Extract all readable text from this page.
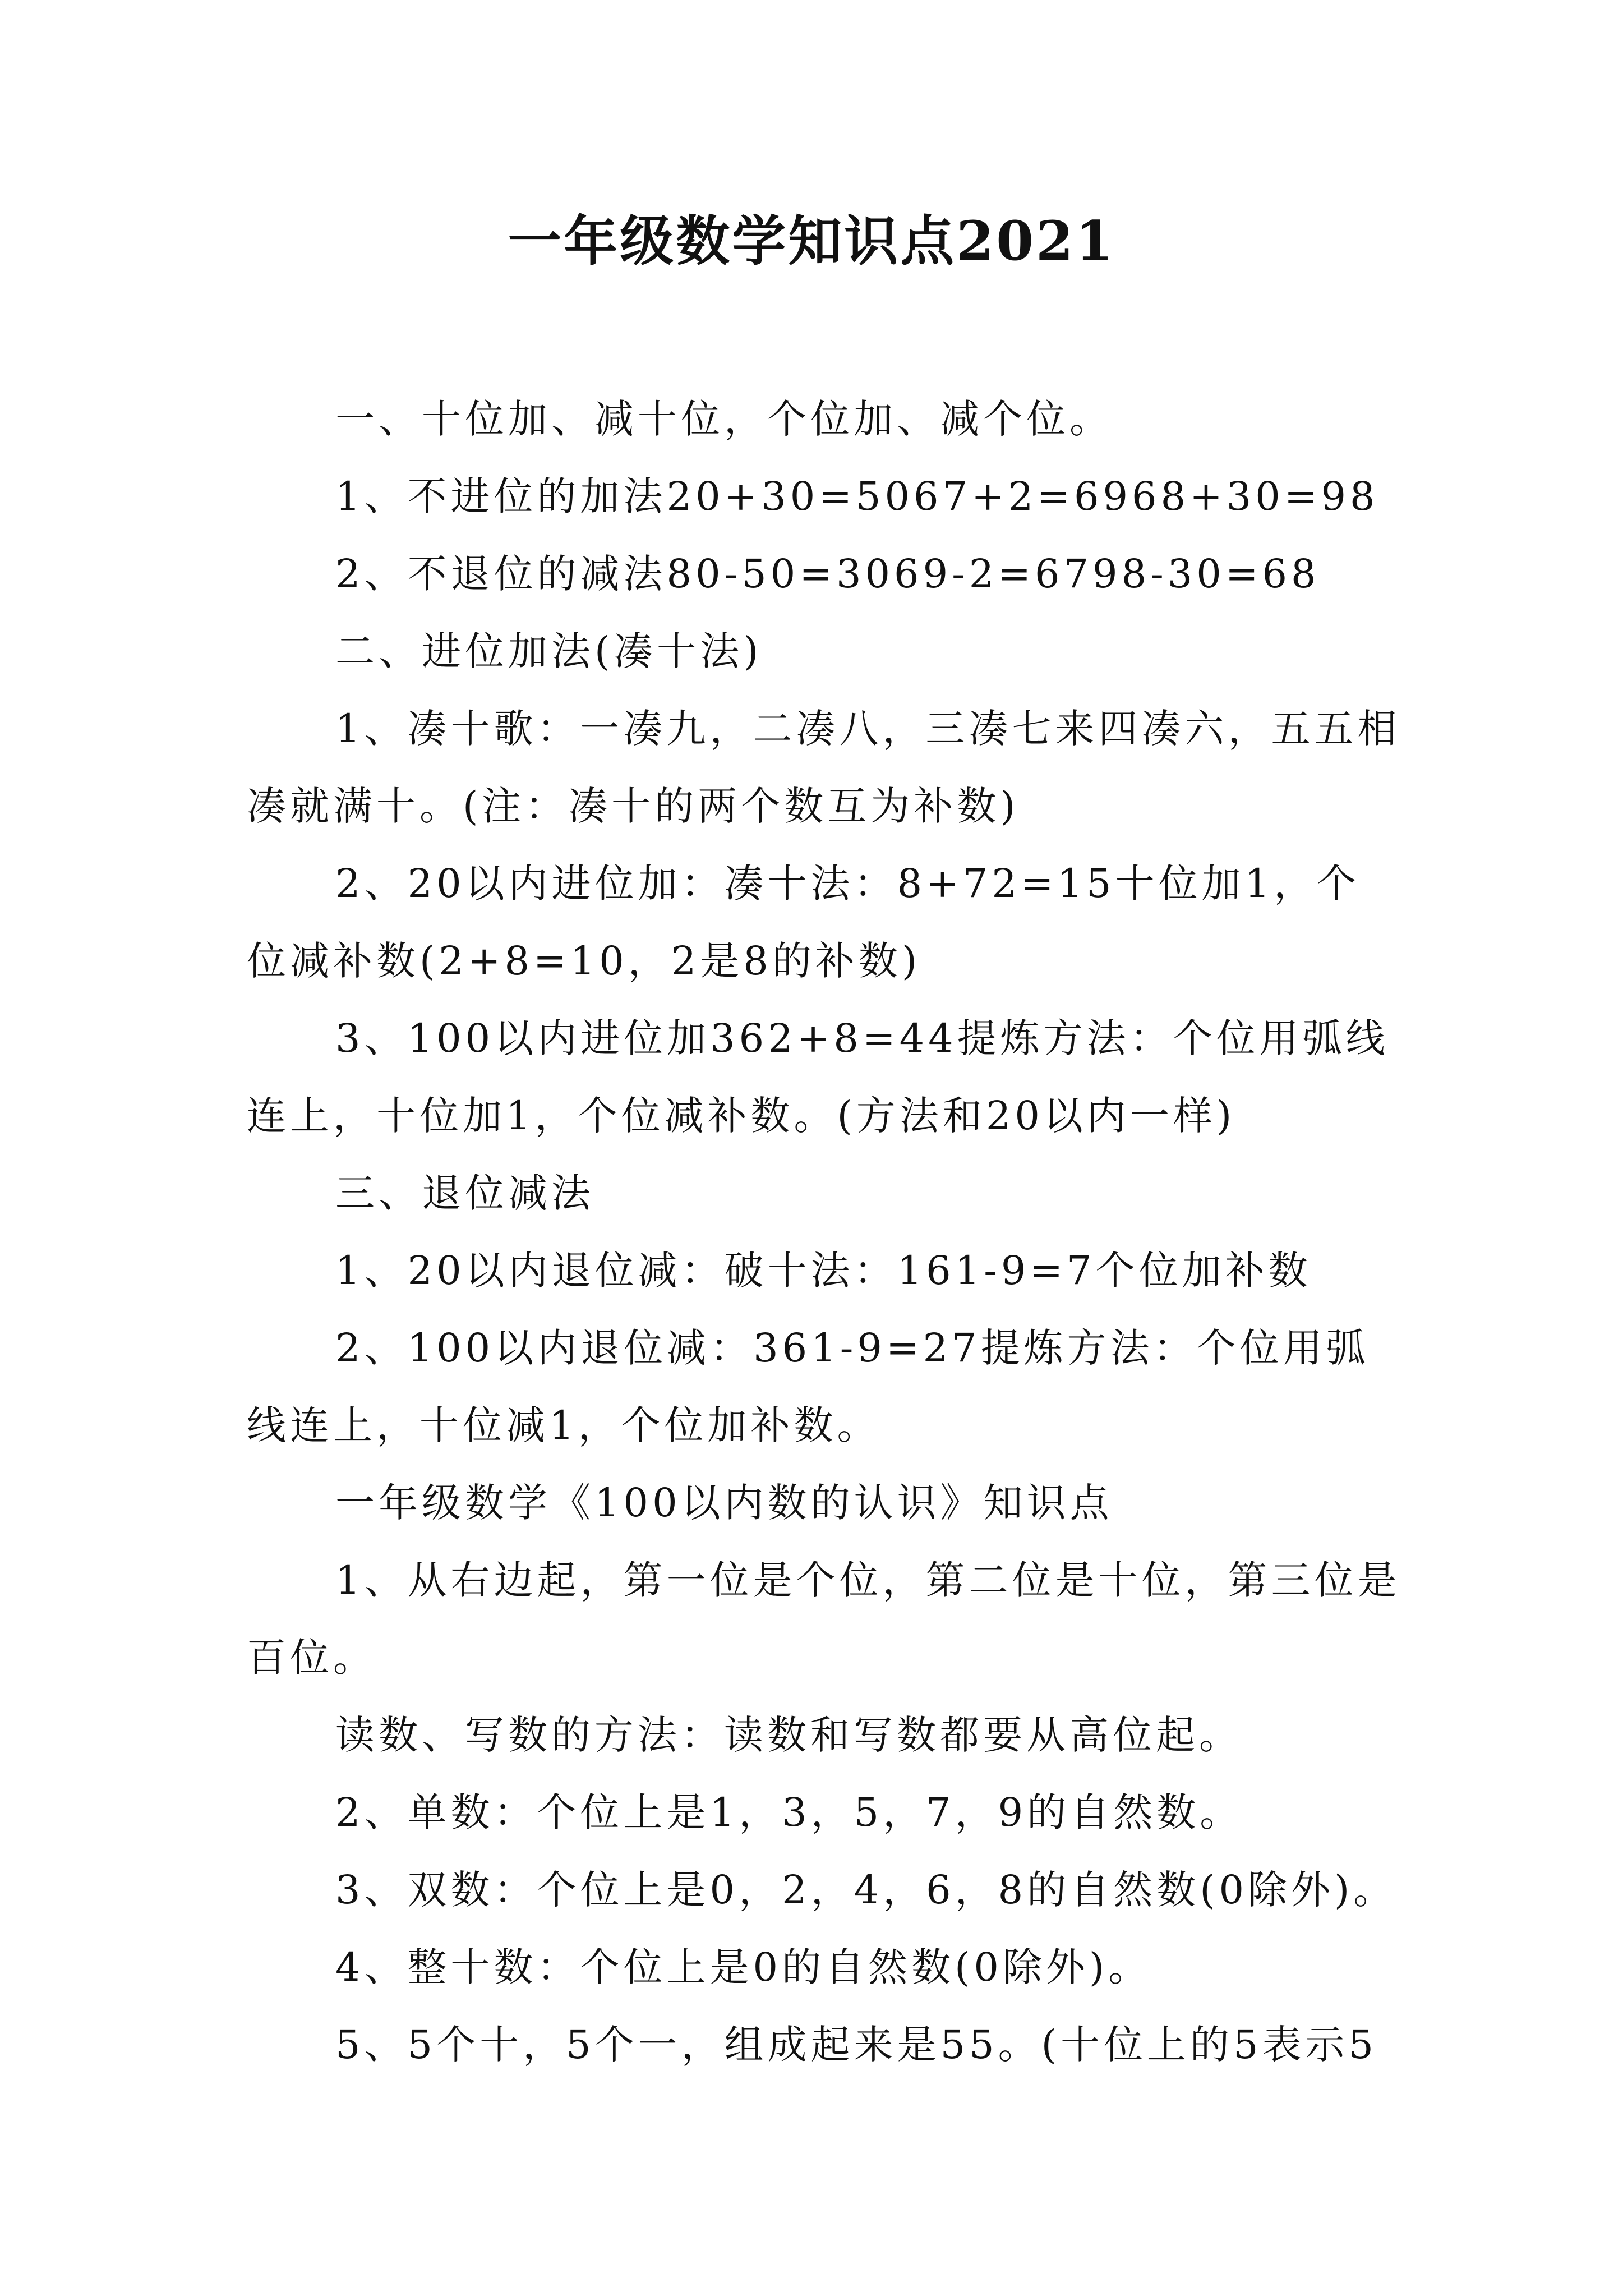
一年级数学知识点2021

一、十位加、减十位，个位加、减个位。

1、不进位的加法20+30=5067+2=6968+30=98

2、不退位的减法80-50=3069-2=6798-30=68

二、进位加法(凑十法)

1、凑十歌：一凑九，二凑八，三凑七来四凑六，五五相凑就满十。(注：凑十的两个数互为补数)

2、20以内进位加：凑十法：8+72=15十位加1，个位减补数(2+8=10，2是8的补数)

3、100以内进位加362+8=44提炼方法：个位用弧线连上，十位加1，个位减补数。(方法和20以内一样)

三、退位减法

1、20以内退位减：破十法：161-9=7个位加补数

2、100以内退位减：361-9=27提炼方法：个位用弧线连上，十位减1，个位加补数。

一年级数学《100以内数的认识》知识点

1、从右边起，第一位是个位，第二位是十位，第三位是百位。

读数、写数的方法：读数和写数都要从高位起。

2、单数：个位上是1，3，5，7，9的自然数。

3、双数：个位上是0，2，4，6，8的自然数(0除外)。

4、整十数：个位上是0的自然数(0除外)。

5、5个十，5个一，组成起来是55。(十位上的5表示5
